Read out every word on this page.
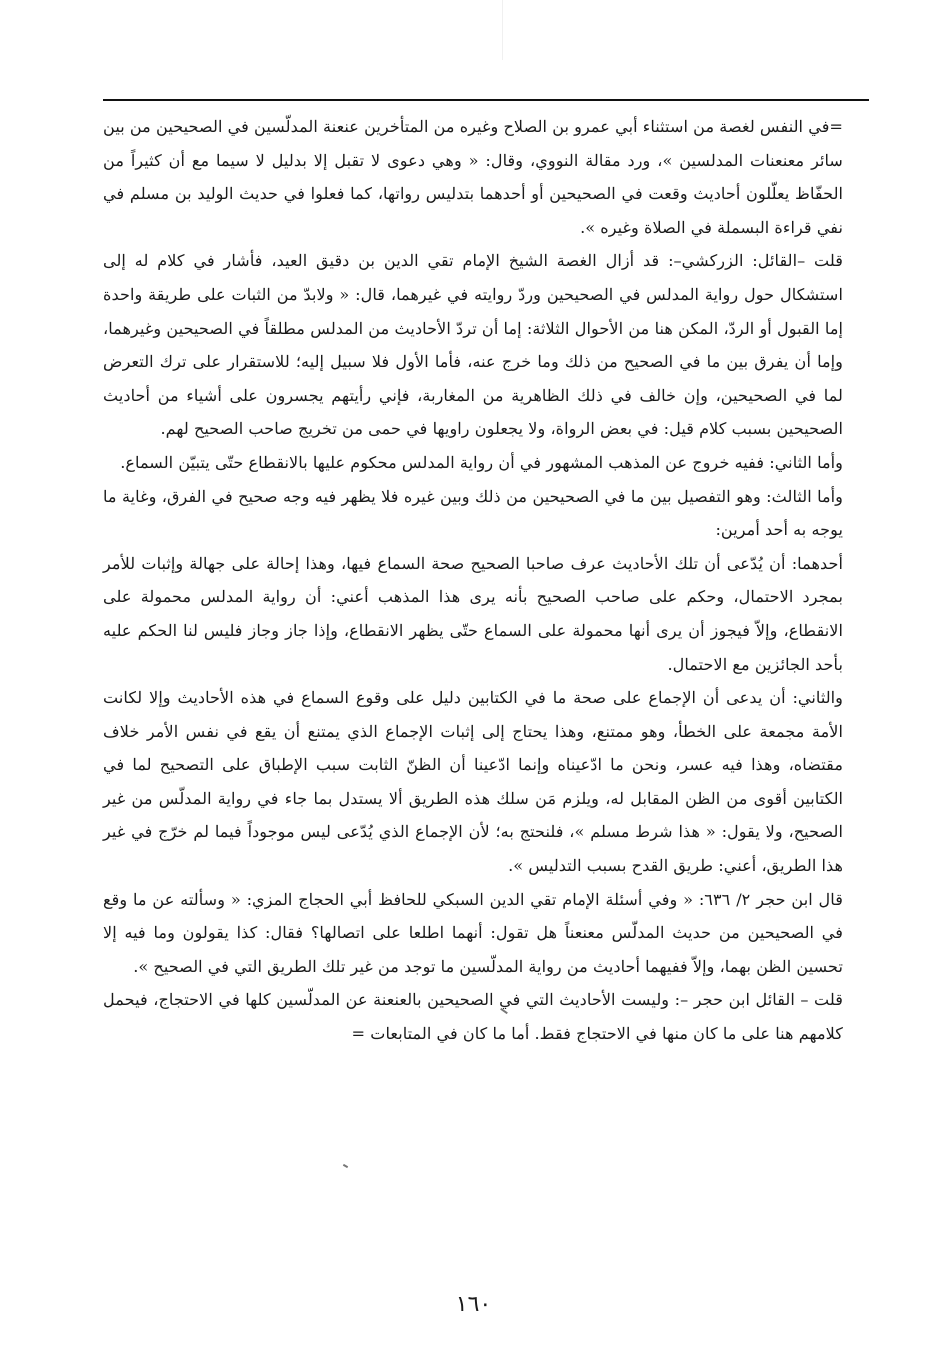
=في النفس لغصة من استثناء أبي عمرو بن الصلاح وغيره من المتأخرين عنعنة المدلّسين في الصحيحين من بين سائر معنعنات المدلسين »، ورد مقالة النووي، وقال: « وهي دعوى لا تقبل إلا بدليل لا سيما مع أن كثيراً من الحفّاظ يعلّلون أحاديث وقعت في الصحيحين أو أحدهما بتدليس رواتها، كما فعلوا في حديث الوليد بن مسلم في نفي قراءة البسملة في الصلاة وغيره ».

قلت –القائل: الزركشي–: قد أزال الغصة الشيخ الإمام تقي الدين بن دقيق العيد، فأشار في كلام له إلى استشكال حول رواية المدلس في الصحيحين وردّ روايته في غيرهما، قال: « ولابدّ من الثبات على طريقة واحدة إما القبول أو الردّ، المكن هنا من الأحوال الثلاثة: إما أن تردّ الأحاديث من المدلس مطلقاً في الصحيحين وغيرهما، وإما أن يفرق بين ما في الصحيح من ذلك وما خرج عنه، فأما الأول فلا سبيل إليه؛ للاستقرار على ترك التعرض لما في الصحيحين، وإن خالف في ذلك الظاهرية من المغاربة، فإني رأيتهم يجسرون على أشياء من أحاديث الصحيحين بسبب كلام قيل: في بعض الرواة، ولا يجعلون راويها في حمى من تخريج صاحب الصحيح لهم.

وأما الثاني: ففيه خروج عن المذهب المشهور في أن رواية المدلس محكوم عليها بالانقطاع حتّى يتبيّن السماع.

وأما الثالث: وهو التفصيل بين ما في الصحيحين من ذلك وبين غيره فلا يظهر فيه وجه صحيح في الفرق، وغاية ما يوجه به أحد أمرين:

أحدهما: أن يُدّعى أن تلك الأحاديث عرف صاحبا الصحيح صحة السماع فيها، وهذا إحالة على جهالة وإثبات للأمر بمجرد الاحتمال، وحكم على صاحب الصحيح بأنه يرى هذا المذهب أعني: أن رواية المدلس محمولة على الانقطاع، وإلاّ فيجوز أن يرى أنها محمولة على السماع حتّى يظهر الانقطاع، وإذا جاز وجاز فليس لنا الحكم عليه بأحد الجائزين مع الاحتمال.

والثاني: أن يدعى أن الإجماع على صحة ما في الكتابين دليل على وقوع السماع في هذه الأحاديث وإلا لكانت الأمة مجمعة على الخطأ، وهو ممتنع، وهذا يحتاج إلى إثبات الإجماع الذي يمتنع أن يقع في نفس الأمر خلاف مقتضاه، وهذا فيه عسر، ونحن ما ادّعيناه وإنما ادّعينا أن الظنّ الثابت سبب الإطباق على التصحيح لما في الكتابين أقوى من الظن المقابل له، ويلزم مَن سلك هذه الطريق ألا يستدل بما جاء في رواية المدلّس من غير الصحيح، ولا يقول: « هذا شرط مسلم »، فلنحتج به؛ لأن الإجماع الذي يُدّعى ليس موجوداً فيما لم خرّج في غير هذا الطريق، أعني: طريق القدح بسبب التدليس ».

قال ابن حجر ٢/ ٦٣٦: « وفي أسئلة الإمام تقي الدين السبكي للحافظ أبي الحجاج المزي: « وسألته عن ما وقع في الصحيحين من حديث المدلّس معنعناً هل تقول: أنهما اطلعا على اتصالها؟ فقال: كذا يقولون وما فيه إلا تحسين الظن بهما، وإلاّ ففيهما أحاديث من رواية المدلّسين ما توجد من غير تلك الطريق التي في الصحيح ».

قلت – القائل ابن حجر –: وليست الأحاديث التي في الصحيحين بالعنعنة عن المدلّسين كلها في الاحتجاج، فيحمل كلامهم هنا على ما كان منها في الاحتجاج فقط. أما ما كان في المتابعات =

١٦٠
